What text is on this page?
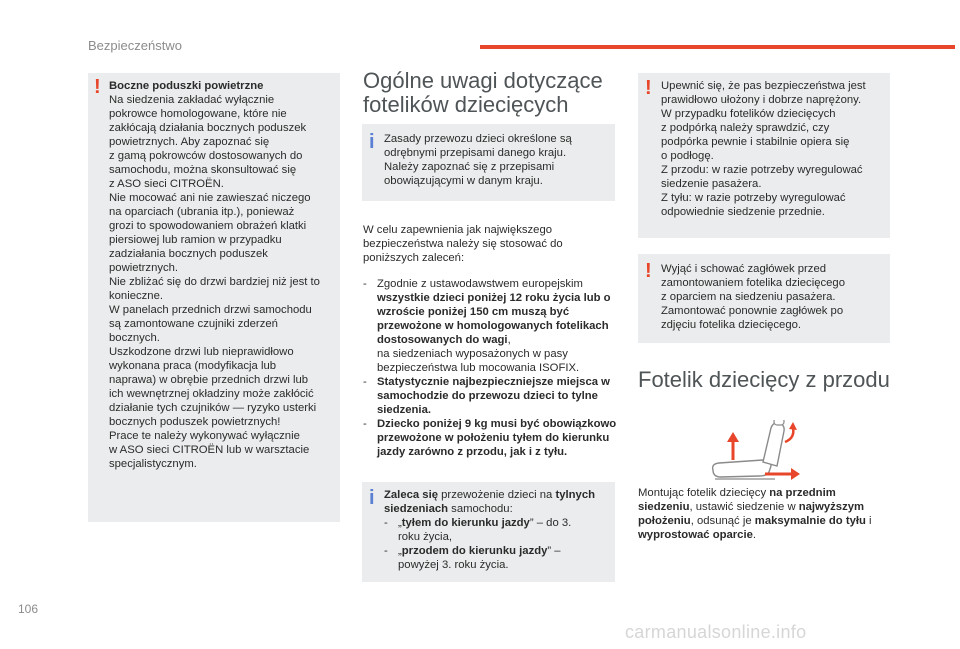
Bezpieczeństwo
! Boczne poduszki powietrzne

Na siedzenia zakładać wyłącznie
pokrowce homologowane, które nie
zakłócają działania bocznych poduszek
powietrznych. Aby zapoznać się
z gamą pokrowców dostosowanych do
samochodu, można skonsultować się
z ASO sieci CITROËN.
Nie mocować ani nie zawieszać niczego
na oparciach (ubrania itp.), ponieważ
grozi to spowodowaniem obrażeń klatki
piersiowej lub ramion w przypadku
zadziałania bocznych poduszek
powietrznych.
Nie zbliżać się do drzwi bardziej niż jest to
konieczne.
W panelach przednich drzwi samochodu
są zamontowane czujniki zderzeń
bocznych.
Uszkodzone drzwi lub nieprawidłowo
wykonana praca (modyfikacja lub
naprawa) w obrębie przednich drzwi lub
ich wewnętrznej okładziny może zakłócić
działanie tych czujników — ryzyko usterki
bocznych poduszek powietrznych!
Prace te należy wykonywać wyłącznie
w ASO sieci CITROËN lub w warsztacie
specjalistycznym.

Ogólne uwagi dotyczące fotelików dziecięcych
i Zasady przewozu dzieci określone są
odrębnymi przepisami danego kraju.
Należy zapoznać się z przepisami
obowiązującymi w danym kraju.

W celu zapewnienia jak największego
bezpieczeństwa należy się stosować do
poniższych zaleceń:

- Zgodnie z ustawodawstwem europejskim wszystkie dzieci poniżej 12 roku życia lub o wzroście poniżej 150 cm muszą być przewożone w homologowanych fotelikach dostosowanych do wagi,
na siedzeniach wyposażonych w pasy
bezpieczeństwa lub mocowania ISOFIX.
- Statystycznie najbezpieczniejsze miejsca w samochodzie do przewozu dzieci to tylne siedzenia.
- Dziecko poniżej 9 kg musi być obowiązkowo przewożone w położeniu tyłem do kierunku jazdy zarówno z przodu, jak i z tyłu.
i Zaleca się przewożenie dzieci na tylnych siedzeniach samochodu:

- „tyłem do kierunku jazdy” – do 3.
roku życia,
- „przodem do kierunku jazdy” –
powyżej 3. roku życia.
! Upewnić się, że pas bezpieczeństwa jest
prawidłowo ułożony i dobrze naprężony.
W przypadku fotelików dziecięcych
z podpórką należy sprawdzić, czy
podpórka pewnie i stabilnie opiera się
o podłogę.
Z przodu: w razie potrzeby wyregulować
siedzenie pasażera.
Z tyłu: w razie potrzeby wyregulować
odpowiednie siedzenie przednie.
! Wyjąć i schować zagłówek przed
zamontowaniem fotelika dziecięcego
z oparciem na siedzeniu pasażera.
Zamontować ponownie zagłówek po
zdjęciu fotelika dziecięcego.
Fotelik dziecięcy z przodu
Montując fotelik dziecięcy na przednim siedzeniu, ustawić siedzenie w najwyższym położeniu, odsunąć je maksymalnie do tyłu i wyprostować oparcie.
106
carmanualsonline.info
